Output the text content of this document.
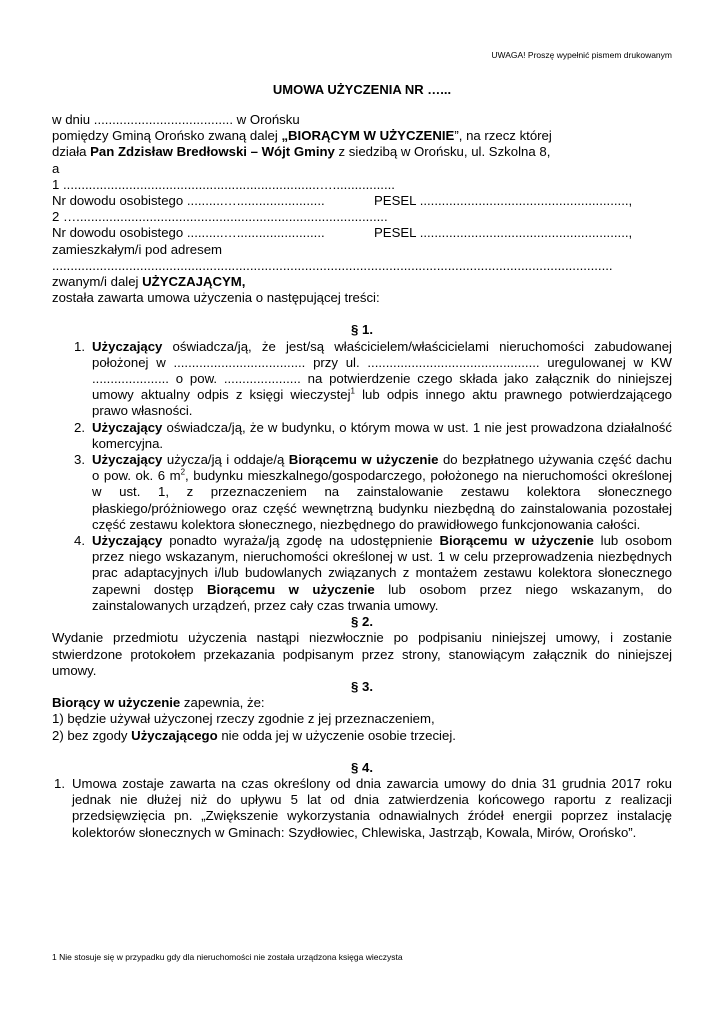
UWAGA! Proszę wypełnić pismem drukowanym
UMOWA UŻYCZENIA NR …...
w dniu ...................................... w Orońsku
pomiędzy Gminą Orońsko zwaną dalej „BIORĄCYM W UŻYCZENIE”, na rzecz której
działa Pan Zdzisław Bredłowski – Wójt Gminy z siedzibą w Orońsku, ul. Szkolna 8,
a
1 ......................................................................….................
Nr dowodu osobistego ..........…........................	PESEL .........................................................,
2 ….....................................................................................
Nr dowodu osobistego ..........…........................	PESEL .........................................................,
zamieszkałym/i pod adresem
.........................................................................................................................................................
zwanym/i dalej UŻYCZAJĄCYM,
została zawarta umowa użyczenia o następującej treści:
§ 1.
1. Użyczający oświadcza/ją, że jest/są właścicielem/właścicielami nieruchomości zabudowanej położonej w .................................... przy ul. ............................................... uregulowanej w KW ..................... o pow. ..................... na potwierdzenie czego składa jako załącznik do niniejszej umowy aktualny odpis z księgi wieczystej$^1$ lub odpis innego aktu prawnego potwierdzającego prawo własności.
2. Użyczający oświadcza/ją, że w budynku, o którym mowa w ust. 1 nie jest prowadzona działalność komercyjna.
3. Użyczający użycza/ją i oddaje/ą Biorącemu w użyczenie do bezpłatnego używania część dachu o pow. ok. 6 $m^2$, budynku mieszkalnego/gospodarczego, położonego na nieruchomości określonej w ust. 1, z przeznaczeniem na zainstalowanie zestawu kolektora słonecznego płaskiego/próżniowego oraz część wewnętrzną budynku niezbędną do zainstalowania pozostałej część zestawu kolektora słonecznego, niezbędnego do prawidłowego funkcjonowania całości.
4. Użyczający ponadto wyraża/ją zgodę na udostępnienie Biorącemu w użyczenie lub osobom przez niego wskazanym, nieruchomości określonej w ust. 1 w celu przeprowadzenia niezbędnych prac adaptacyjnych i/lub budowlanych związanych z montażem zestawu kolektora słonecznego zapewni dostęp Biorącemu w użyczenie lub osobom przez niego wskazanym, do zainstalowanych urządzeń, przez cały czas trwania umowy.
§ 2.
Wydanie przedmiotu użyczenia nastąpi niezwłocznie po podpisaniu niniejszej umowy, i zostanie stwierdzone protokołem przekazania podpisanym przez strony, stanowiącym załącznik do niniejszej umowy.
§ 3.
Biorący w użyczenie zapewnia, że:
1) będzie używał użyczonej rzeczy zgodnie z jej przeznaczeniem,
2) bez zgody Użyczającego nie odda jej w użyczenie osobie trzeciej.
§ 4.
1. Umowa zostaje zawarta na czas określony od dnia zawarcia umowy do dnia 31 grudnia 2017 roku jednak nie dłużej niż do upływu 5 lat od dnia zatwierdzenia końcowego raportu z realizacji przedsięwzięcia pn. „Zwiększenie wykorzystania odnawialnych źródeł energii poprzez instalację kolektorów słonecznych w Gminach: Szydłowiec, Chlewiska, Jastrząb, Kowala, Mirów, Orońsko”.
1 Nie stosuje się w przypadku gdy dla nieruchomości nie została urządzona księga wieczysta
